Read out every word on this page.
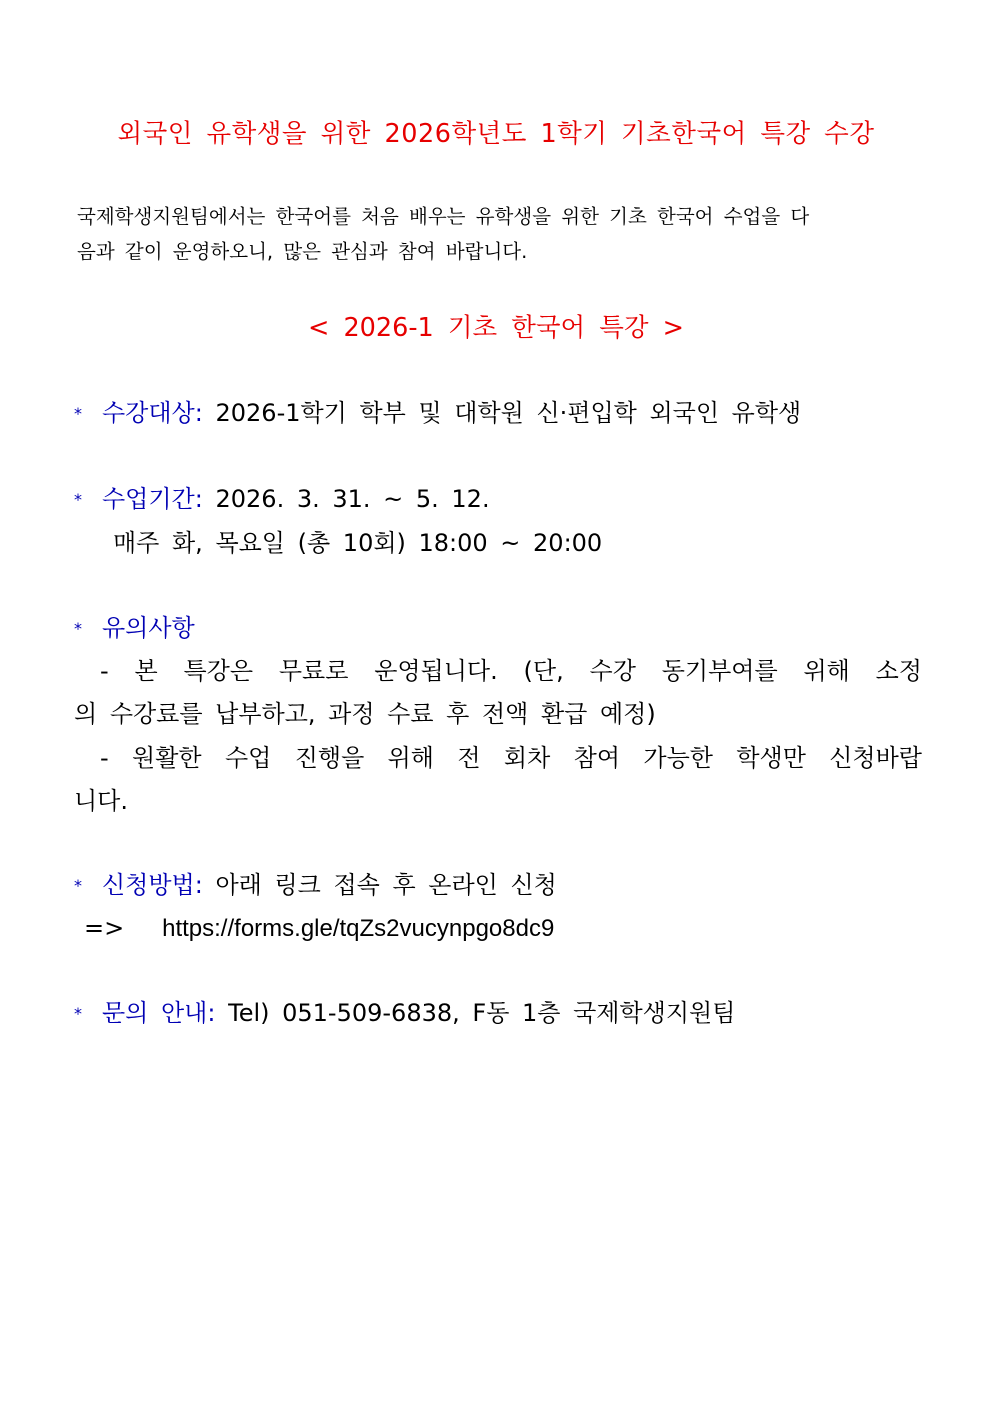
외국인 유학생을 위한 2026학년도 1학기 기초한국어 특강 수강
국제학생지원팀에서는 한국어를 처음 배우는 유학생을 위한 기초 한국어 수업을 다
음과 같이 운영하오니, 많은 관심과 참여 바랍니다.
< 2026-1 기초 한국어 특강 >
* 수강대상: 2026-1학기 학부 및 대학원 신·편입학 외국인 유학생
* 수업기간: 2026. 3. 31. ~ 5. 12.
매주 화, 목요일 (총 10회) 18:00 ~ 20:00
* 유의사항
- 본 특강은 무료로 운영됩니다. (단, 수강 동기부여를 위해 소정
의 수강료를 납부하고, 과정 수료 후 전액 환급 예정)
- 원활한 수업 진행을 위해 전 회차 참여 가능한 학생만 신청바랍
니다.
* 신청방법: 아래 링크 접속 후 온라인 신청
=> https://forms.gle/tqZs2vucynpgo8dc9
* 문의 안내: Tel) 051-509-6838, F동 1층 국제학생지원팀
